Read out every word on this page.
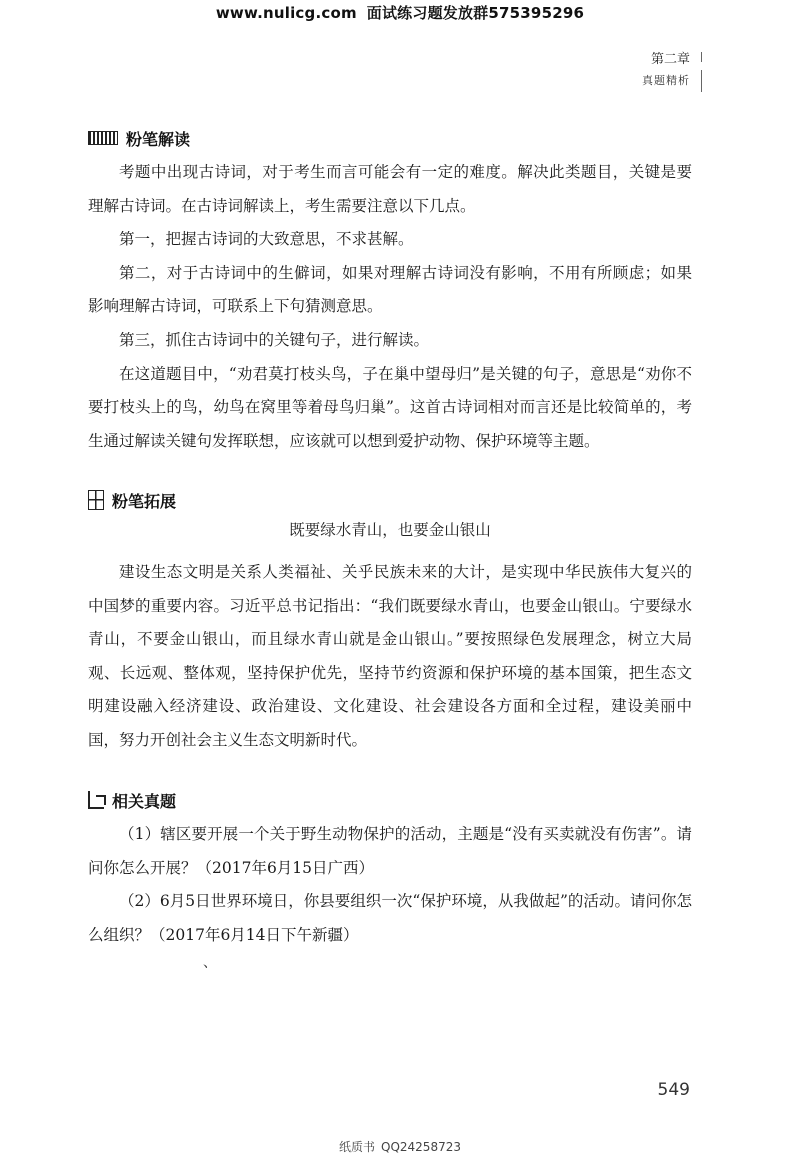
www.nulicg.com 面试练习题发放群575395296
第二章
真题精析
粉笔解读

考题中出现古诗词，对于考生而言可能会有一定的难度。解决此类题目，关键是要理解古诗词。在古诗词解读上，考生需要注意以下几点。

第一，把握古诗词的大致意思，不求甚解。

第二，对于古诗词中的生僻词，如果对理解古诗词没有影响，不用有所顾虑；如果影响理解古诗词，可联系上下句猜测意思。

第三，抓住古诗词中的关键句子，进行解读。

在这道题目中，“劝君莫打枝头鸟，子在巢中望母归”是关键的句子，意思是“劝你不要打枝头上的鸟，幼鸟在窝里等着母鸟归巢”。这首古诗词相对而言还是比较简单的，考生通过解读关键句发挥联想，应该就可以想到爱护动物、保护环境等主题。

粉笔拓展
既要绿水青山，也要金山银山

建设生态文明是关系人类福祉、关乎民族未来的大计，是实现中华民族伟大复兴的中国梦的重要内容。习近平总书记指出：“我们既要绿水青山，也要金山银山。宁要绿水青山，不要金山银山，而且绿水青山就是金山银山。”要按照绿色发展理念，树立大局观、长远观、整体观，坚持保护优先，坚持节约资源和保护环境的基本国策，把生态文明建设融入经济建设、政治建设、文化建设、社会建设各方面和全过程，建设美丽中国，努力开创社会主义生态文明新时代。

相关真题

（1）辖区要开展一个关于野生动物保护的活动，主题是“没有买卖就没有伤害”。请问你怎么开展？（2017年6月15日广西）

（2）6月5日世界环境日，你县要组织一次“保护环境，从我做起”的活动。请问你怎么组织？（2017年6月14日下午新疆）

、
549
纸质书 QQ24258723
